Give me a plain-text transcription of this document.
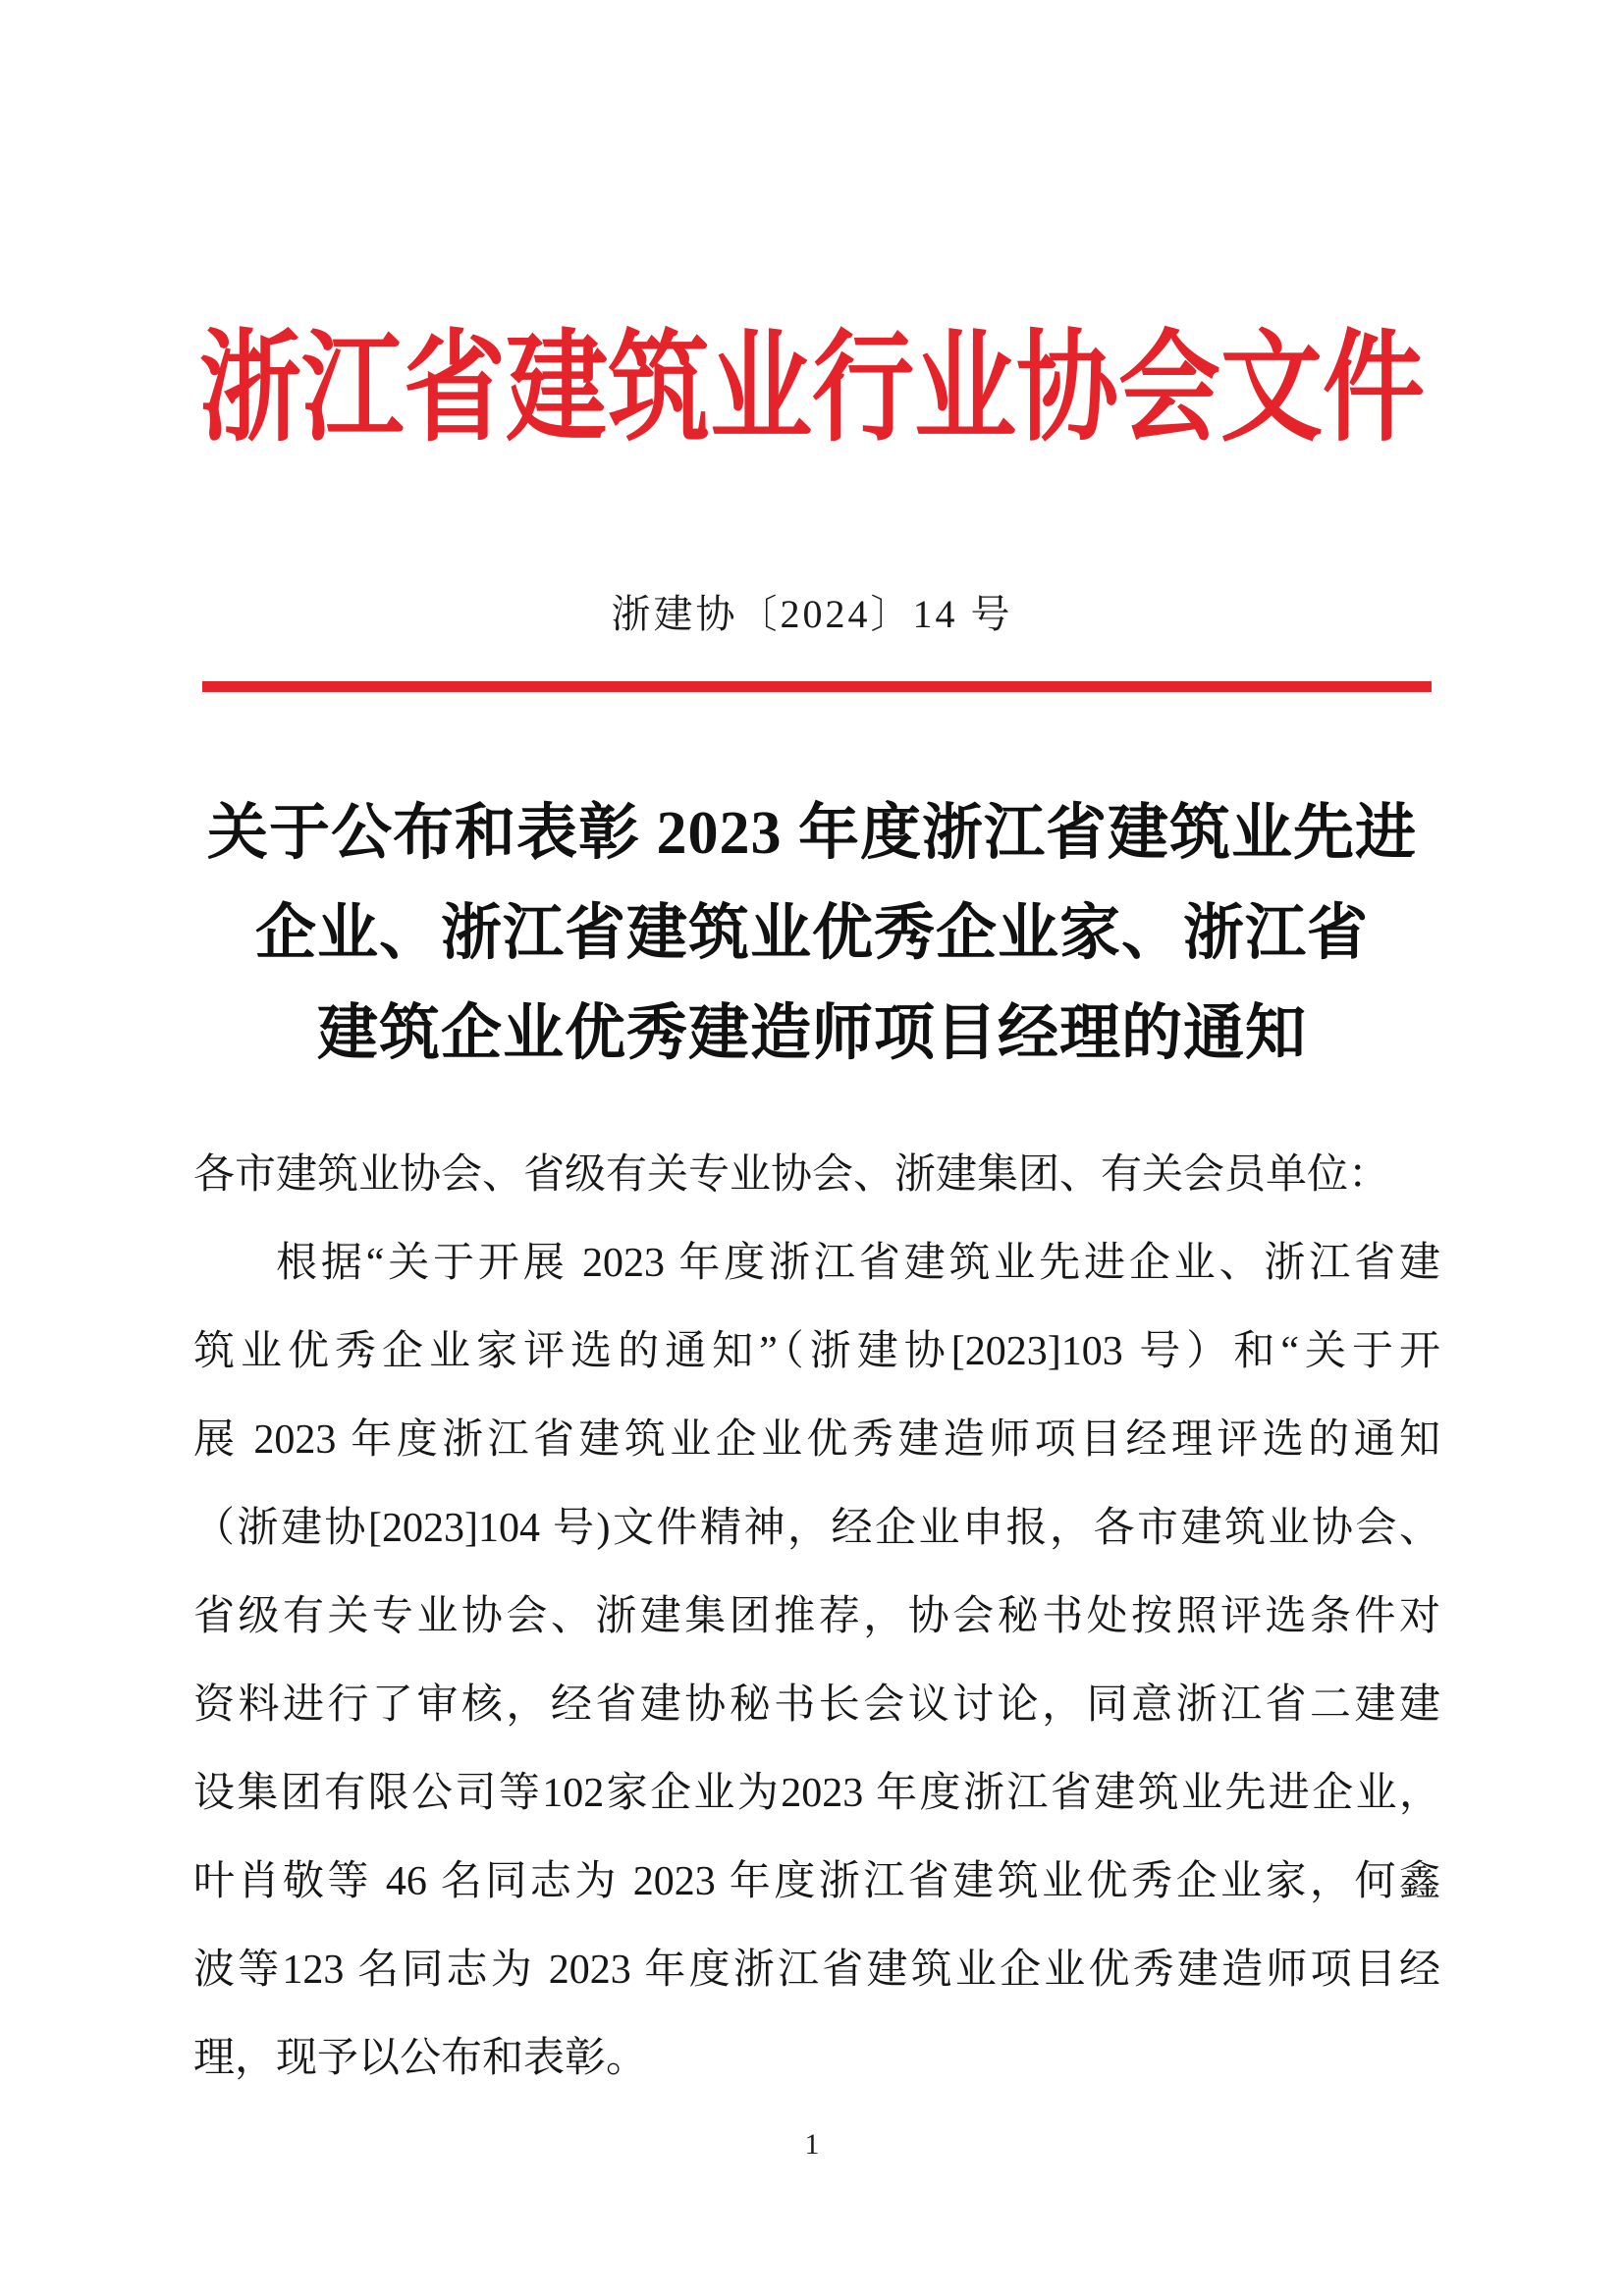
浙江省建筑业行业协会文件
浙建协〔2024〕14 号
关于公布和表彰 2023 年度浙江省建筑业先进
企业、浙江省建筑业优秀企业家、浙江省
建筑企业优秀建造师项目经理的通知
各市建筑业协会、省级有关专业协会、浙建集团、有关会员单位：
根据“关于开展 2023 年度浙江省建筑业先进企业、浙江省建
筑业优秀企业家评选的通知”（浙建协[2023]103 号）和“关于开
展 2023 年度浙江省建筑业企业优秀建造师项目经理评选的通知
（浙建协[2023]104 号)文件精神，经企业申报，各市建筑业协会、
省级有关专业协会、浙建集团推荐，协会秘书处按照评选条件对
资料进行了审核，经省建协秘书长会议讨论，同意浙江省二建建
设集团有限公司等102家企业为2023 年度浙江省建筑业先进企业，
叶肖敬等 46 名同志为 2023 年度浙江省建筑业优秀企业家，何鑫
波等123 名同志为 2023 年度浙江省建筑业企业优秀建造师项目经
理，现予以公布和表彰。
1
